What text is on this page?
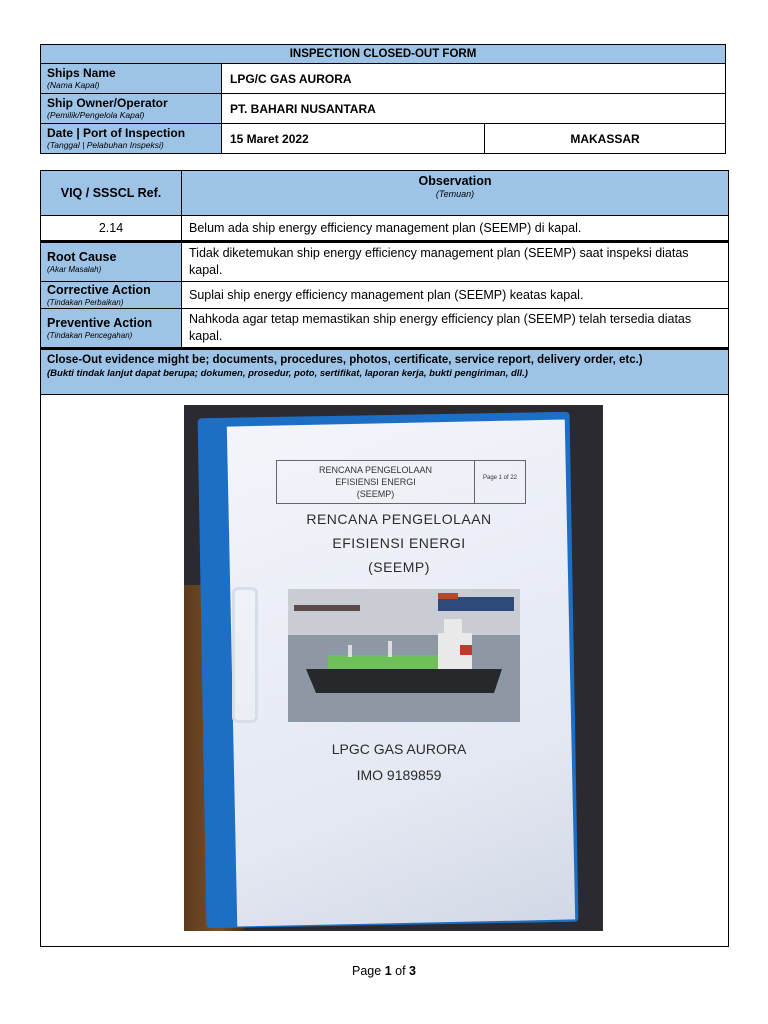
INSPECTION CLOSED-OUT FORM		

Ships Name
(Nama Kapal)	LPG/C GAS AURORA	

Ship Owner/Operator
(Pemilik/Pengelola Kapal)	PT. BAHARI NUSANTARA	

Date | Port of Inspection
(Tanggal | Pelabuhan Inspeksi)	15 Maret 2022	MAKASSAR
VIQ / SSSCL Ref.	Observation
(Temuan)

2.14	Belum ada ship energy efficiency management plan (SEEMP) di kapal.

Root Cause
(Akar Masalah)	Tidak diketemukan ship energy efficiency management plan (SEEMP) saat inspeksi diatas kapal.

Corrective Action
(Tindakan Perbaikan)	Suplai ship energy efficiency management plan (SEEMP) keatas kapal.

Preventive Action
(Tindakan Pencegahan)	Nahkoda agar tetap memastikan ship energy efficiency plan (SEEMP) telah tersedia diatas kapal.

Close-Out evidence might be; documents, procedures, photos, certificate, service report, delivery order, etc.)
(Bukti tindak lanjut dapat berupa; dokumen, prosedur, poto, sertifikat, laporan kerja, bukti pengiriman, dll.)	

RENCANA PENGELOLAAN
EFISIENSI ENERGI
(SEEMP)
Page 1 of 22
RENCANA PENGELOLAAN
EFISIENSI ENERGI
(SEEMP)
LPGC GAS AURORA
IMO 9189859
Page 1 of 3
